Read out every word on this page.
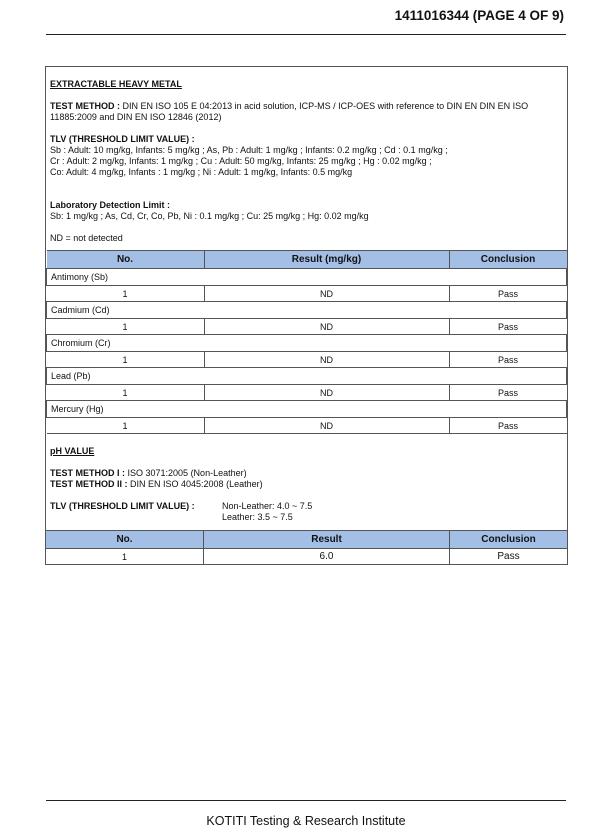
1411016344 (PAGE 4 OF 9)
EXTRACTABLE HEAVY METAL
TEST METHOD : DIN EN ISO 105 E 04:2013 in acid solution, ICP-MS / ICP-OES with reference to DIN EN DIN EN ISO 11885:2009 and DIN EN ISO 12846 (2012)
TLV (THRESHOLD LIMIT VALUE) :
Sb : Adult: 10 mg/kg, Infants: 5 mg/kg ; As, Pb : Adult: 1 mg/kg ; Infants: 0.2 mg/kg ; Cd : 0.1 mg/kg ;
Cr : Adult: 2 mg/kg, Infants: 1 mg/kg ; Cu : Adult: 50 mg/kg, Infants: 25 mg/kg ; Hg : 0.02 mg/kg ;
Co: Adult: 4 mg/kg, Infants : 1 mg/kg ; Ni : Adult: 1 mg/kg, Infants: 0.5 mg/kg
Laboratory Detection Limit :
Sb: 1 mg/kg ; As, Cd, Cr, Co, Pb, Ni : 0.1 mg/kg ; Cu: 25 mg/kg ; Hg: 0.02 mg/kg
ND = not detected
No.	Result (mg/kg)	Conclusion
Antimony (Sb)		
1	ND	Pass
Cadmium (Cd)		
1	ND	Pass
Chromium (Cr)		
1	ND	Pass
Lead (Pb)		
1	ND	Pass
Mercury (Hg)		
1	ND	Pass
pH VALUE
TEST METHOD I : ISO 3071:2005 (Non-Leather)
TEST METHOD II : DIN EN ISO 4045:2008 (Leather)
TLV (THRESHOLD LIMIT VALUE) :	Non-Leather: 4.0 ~ 7.5
Leather: 3.5 ~ 7.5
No.	Result	Conclusion
1	6.0	Pass
KOTITI Testing & Research Institute
